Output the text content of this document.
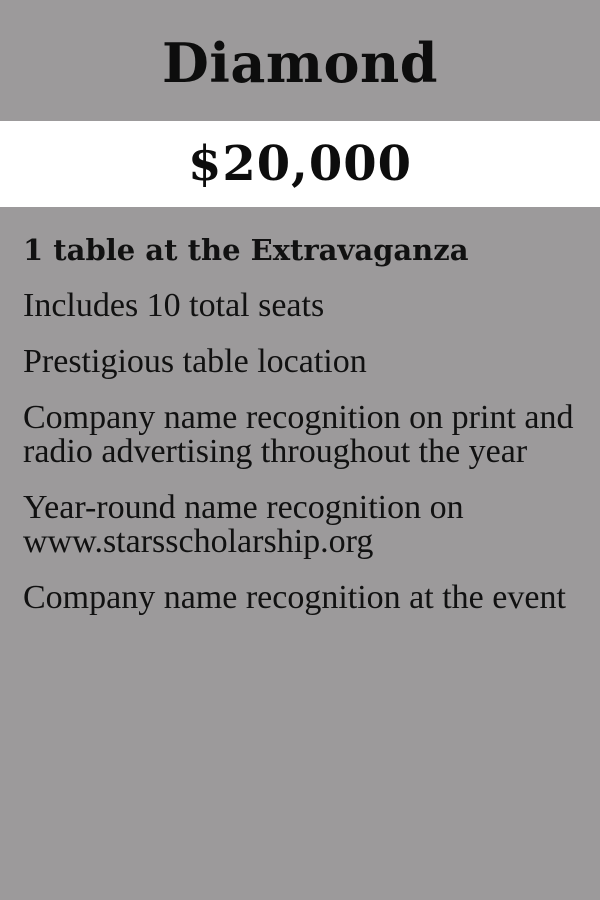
Diamond
$20,000
1 table at the Extravaganza
Includes 10 total seats
Prestigious table location
Company name recognition on print and radio advertising throughout the year
Year-round name recognition on www.starsscholarship.org
Company name recognition at the event
